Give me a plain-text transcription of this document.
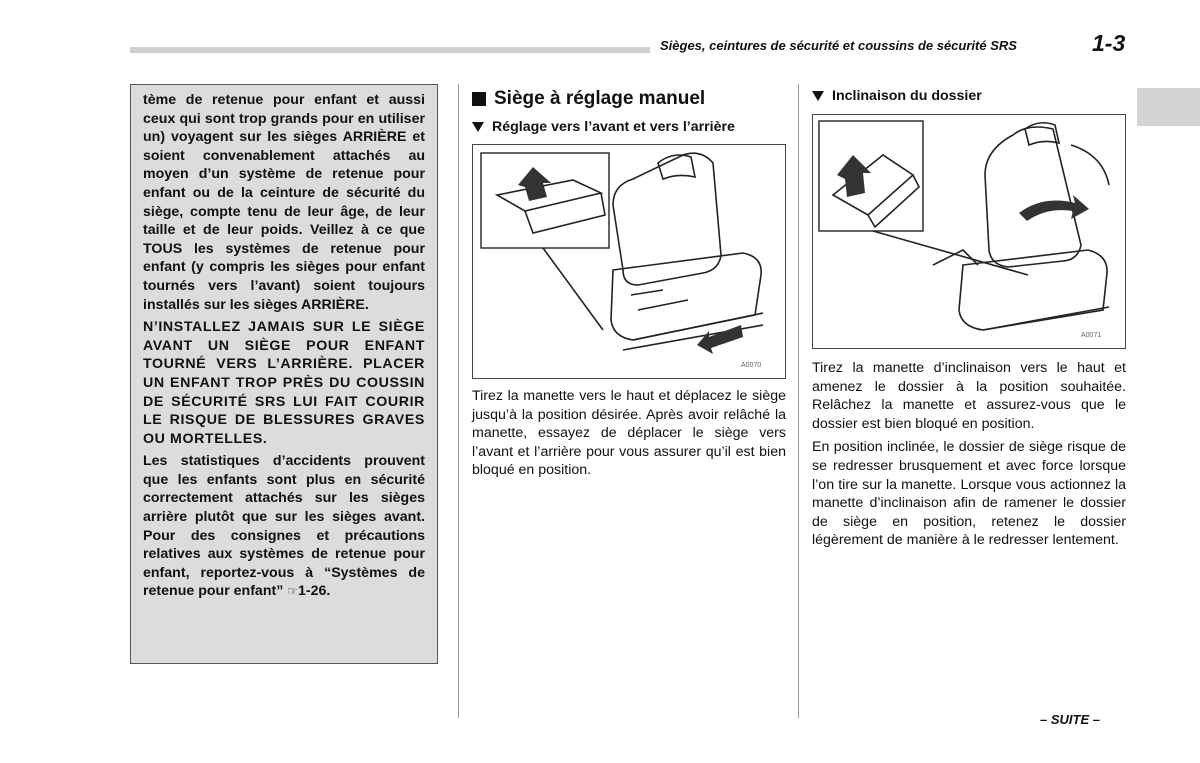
Sièges, ceintures de sécurité et coussins de sécurité SRS	1-3

tème de retenue pour enfant et aussi ceux qui sont trop grands pour en utiliser un) voyagent sur les sièges ARRIÈRE et soient convenablement attachés au moyen d’un système de retenue pour enfant ou de la ceinture de sécurité du siège, compte tenu de leur âge, de leur taille et de leur poids. Veillez à ce que TOUS les systèmes de retenue pour enfant (y compris les sièges pour enfant tournés vers l’avant) soient toujours installés sur les sièges ARRIÈRE.

N’INSTALLEZ JAMAIS SUR LE SIÈGE AVANT UN SIÈGE POUR ENFANT TOURNÉ VERS L’ARRIÈRE. PLACER UN ENFANT TROP PRÈS DU COUSSIN DE SÉCURITÉ SRS LUI FAIT COURIR LE RISQUE DE BLESSURES GRAVES OU MORTELLES.

Les statistiques d’accidents prouvent que les enfants sont plus en sécurité correctement attachés sur les sièges arrière plutôt que sur les sièges avant. Pour des consignes et précautions relatives aux systèmes de retenue pour enfant, reportez-vous à “Systèmes de retenue pour enfant” ☞1-26.

Siège à réglage manuel
Réglage vers l’avant et vers l’arrière
A0070

Tirez la manette vers le haut et déplacez le siège jusqu’à la position désirée. Après avoir relâché la manette, essayez de déplacer le siège vers l’avant et l’arrière pour vous assurer qu’il est bien bloqué en position.

Inclinaison du dossier
A0071

Tirez la manette d’inclinaison vers le haut et amenez le dossier à la position souhaitée. Relâchez la manette et assurez-vous que le dossier est bien bloqué en position.

En position inclinée, le dossier de siège risque de se redresser brusquement et avec force lorsque l’on tire sur la manette. Lorsque vous actionnez la manette d’inclinaison afin de ramener le dossier de siège en position, retenez le dossier légèrement de manière à le redresser lentement.

– SUITE –
